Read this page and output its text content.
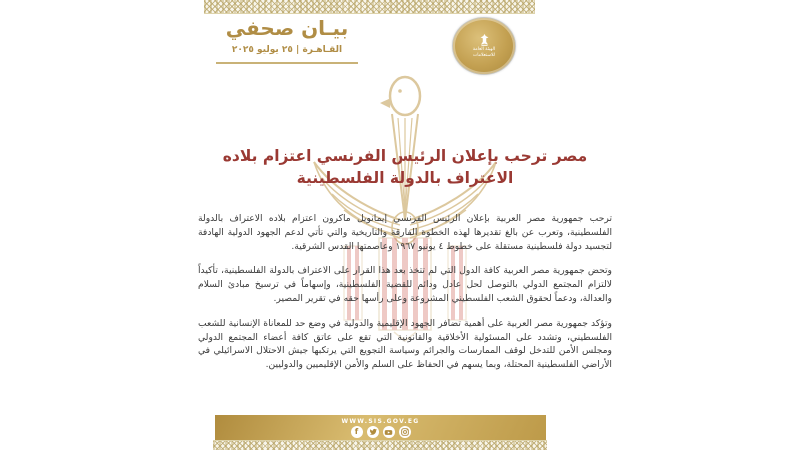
بيـان صحفي
القـاهـرة | ٢٥ يوليو ٢٠٢٥	الهيئة العامة
للاستعلامات
مصر ترحب بإعلان الرئيس الفرنسي اعتزام بلاده
الاعتراف بالدولة الفلسطينية

ترحب جمهورية مصر العربية بإعلان الرئيس الفرنسي إيمانويل ماكرون اعتزام بلاده الاعتراف بالدولة الفلسطينية، وتعرب عن بالغ تقديرها لهذه الخطوة الفارقة والتاريخية والتي تأتي لدعم الجهود الدولية الهادفة لتجسيد دولة فلسطينية مستقلة على خطوط ٤ يونيو ١٩٦٧ وعاصمتها القدس الشرقية.

وتحض جمهورية مصر العربية كافة الدول التي لم تتخذ بعد هذا القرار على الاعتراف بالدولة الفلسطينية، تأكيداً لالتزام المجتمع الدولي بالتوصل لحل عادل ودائم للقضية الفلسطينية، وإسهاماً في ترسيخ مبادئ السلام والعدالة، ودعماً لحقوق الشعب الفلسطيني المشروعة وعلى رأسها حقه في تقرير المصير.

وتؤكد جمهورية مصر العربية على أهمية تضافر الجهود الإقليمية والدولية في وضع حد للمعاناة الإنسانية للشعب الفلسطيني، وتشدد على المسئولية الأخلاقية والقانونية التي تقع على عاتق كافة أعضاء المجتمع الدولي ومجلس الأمن للتدخل لوقف الممارسات والجرائم وسياسة التجويع التي يرتكبها جيش الاحتلال الاسرائيلي في الأراضي الفلسطينية المحتلة، وبما يسهم في الحفاظ على السلم والأمن الإقليميين والدوليين.

WWW.SIS.GOV.EG
f
